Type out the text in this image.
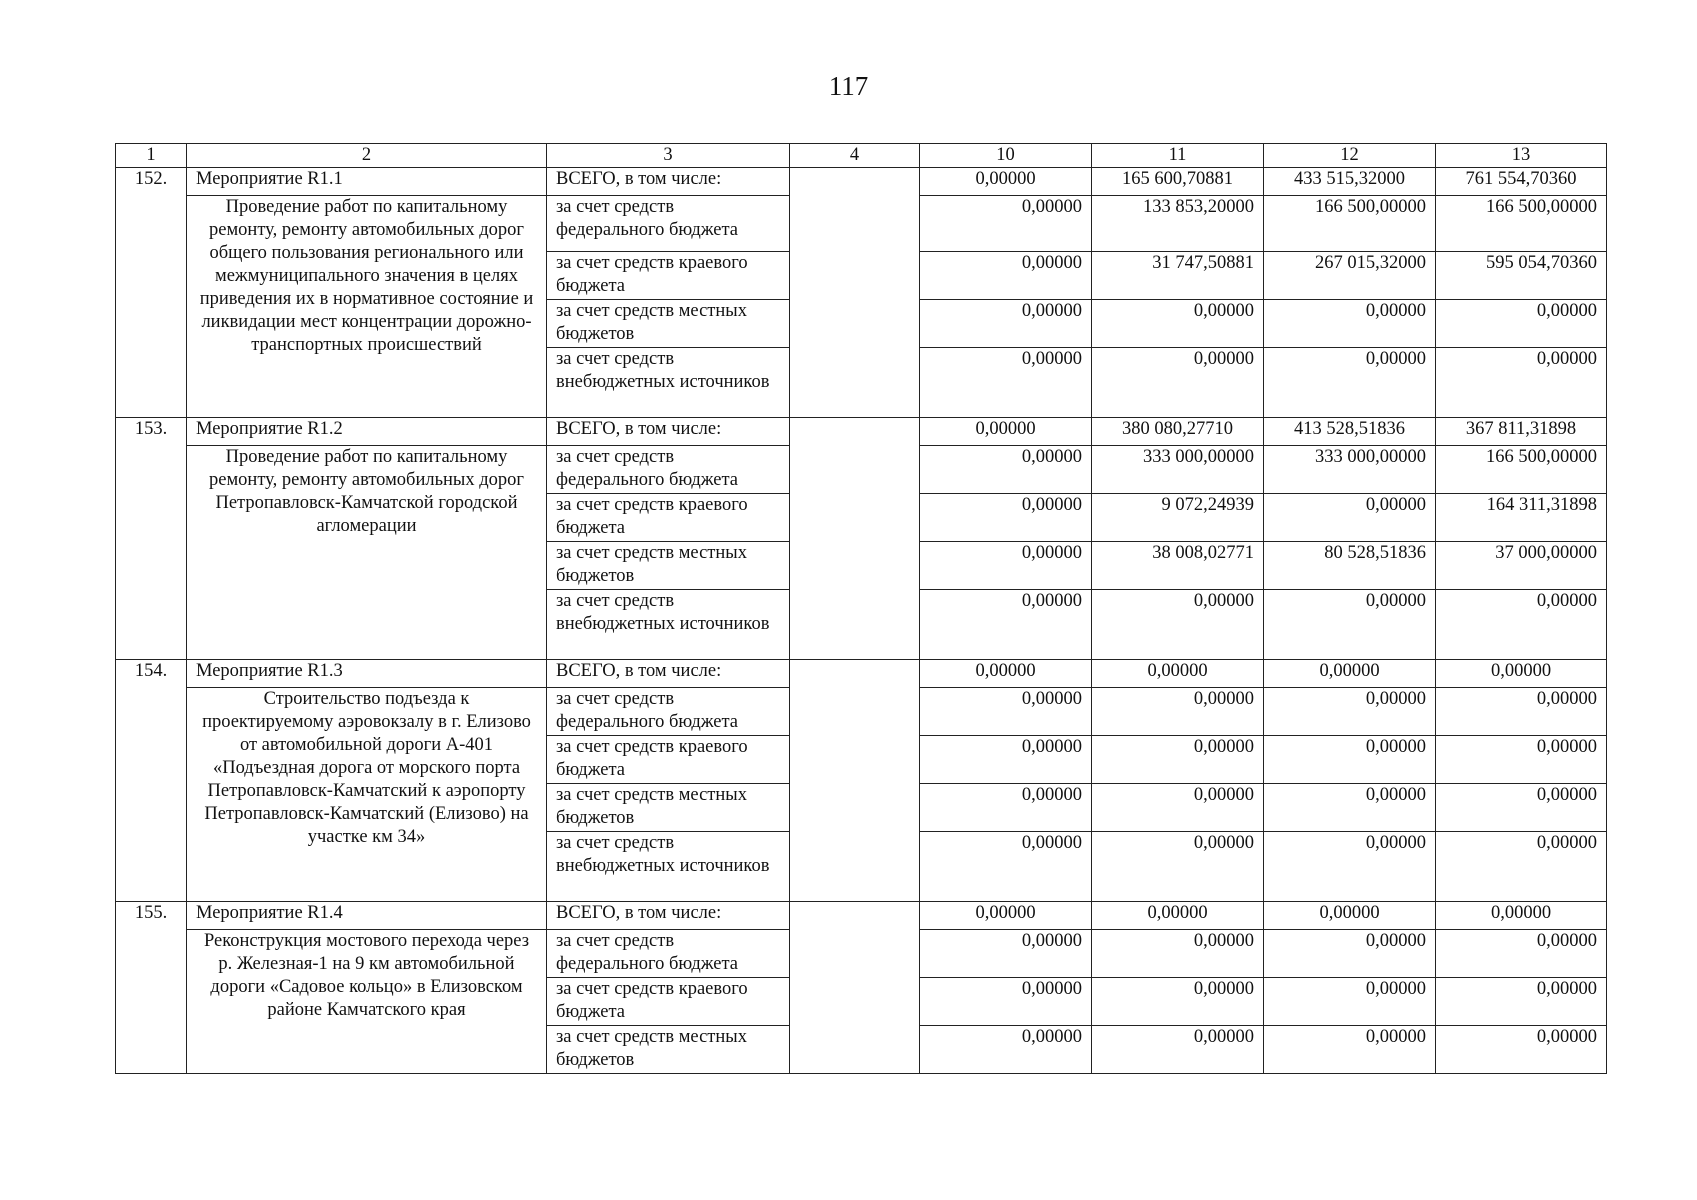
117
1	2	3	4	10	11	12	13
152.	Мероприятие R1.1	ВСЕГО, в том числе:		0,00000	165 600,70881	433 515,32000	761 554,70360
	Проведение работ по капитальному ремонту, ремонту автомобильных дорог общего пользования регионального или межмуниципального значения в целях приведения их в нормативное состояние и ликвидации мест концентрации дорожно-транспортных происшествий	за счет средств федерального бюджета		0,00000	133 853,20000	166 500,00000	166 500,00000
		за счет средств краевого бюджета		0,00000	31 747,50881	267 015,32000	595 054,70360
		за счет средств местных бюджетов		0,00000	0,00000	0,00000	0,00000
		за счет средств внебюджетных источников		0,00000	0,00000	0,00000	0,00000
153.	Мероприятие R1.2	ВСЕГО, в том числе:		0,00000	380 080,27710	413 528,51836	367 811,31898
	Проведение работ по капитальному ремонту, ремонту автомобильных дорог Петропавловск-Камчатской городской агломерации	за счет средств федерального бюджета		0,00000	333 000,00000	333 000,00000	166 500,00000
		за счет средств краевого бюджета		0,00000	9 072,24939	0,00000	164 311,31898
		за счет средств местных бюджетов		0,00000	38 008,02771	80 528,51836	37 000,00000
		за счет средств внебюджетных источников		0,00000	0,00000	0,00000	0,00000
154.	Мероприятие R1.3	ВСЕГО, в том числе:		0,00000	0,00000	0,00000	0,00000
	Строительство подъезда к проектируемому аэровокзалу в г. Елизово от автомобильной дороги А-401 «Подъездная дорога от морского порта Петропавловск-Камчатский к аэропорту Петропавловск-Камчатский (Елизово) на участке км 34»	за счет средств федерального бюджета		0,00000	0,00000	0,00000	0,00000
		за счет средств краевого бюджета		0,00000	0,00000	0,00000	0,00000
		за счет средств местных бюджетов		0,00000	0,00000	0,00000	0,00000
		за счет средств внебюджетных источников		0,00000	0,00000	0,00000	0,00000
155.	Мероприятие R1.4	ВСЕГО, в том числе:		0,00000	0,00000	0,00000	0,00000
	Реконструкция мостового перехода через р. Железная-1 на 9 км автомобильной дороги «Садовое кольцо» в Елизовском районе Камчатского края	за счет средств федерального бюджета		0,00000	0,00000	0,00000	0,00000
		за счет средств краевого бюджета		0,00000	0,00000	0,00000	0,00000
		за счет средств местных бюджетов		0,00000	0,00000	0,00000	0,00000
